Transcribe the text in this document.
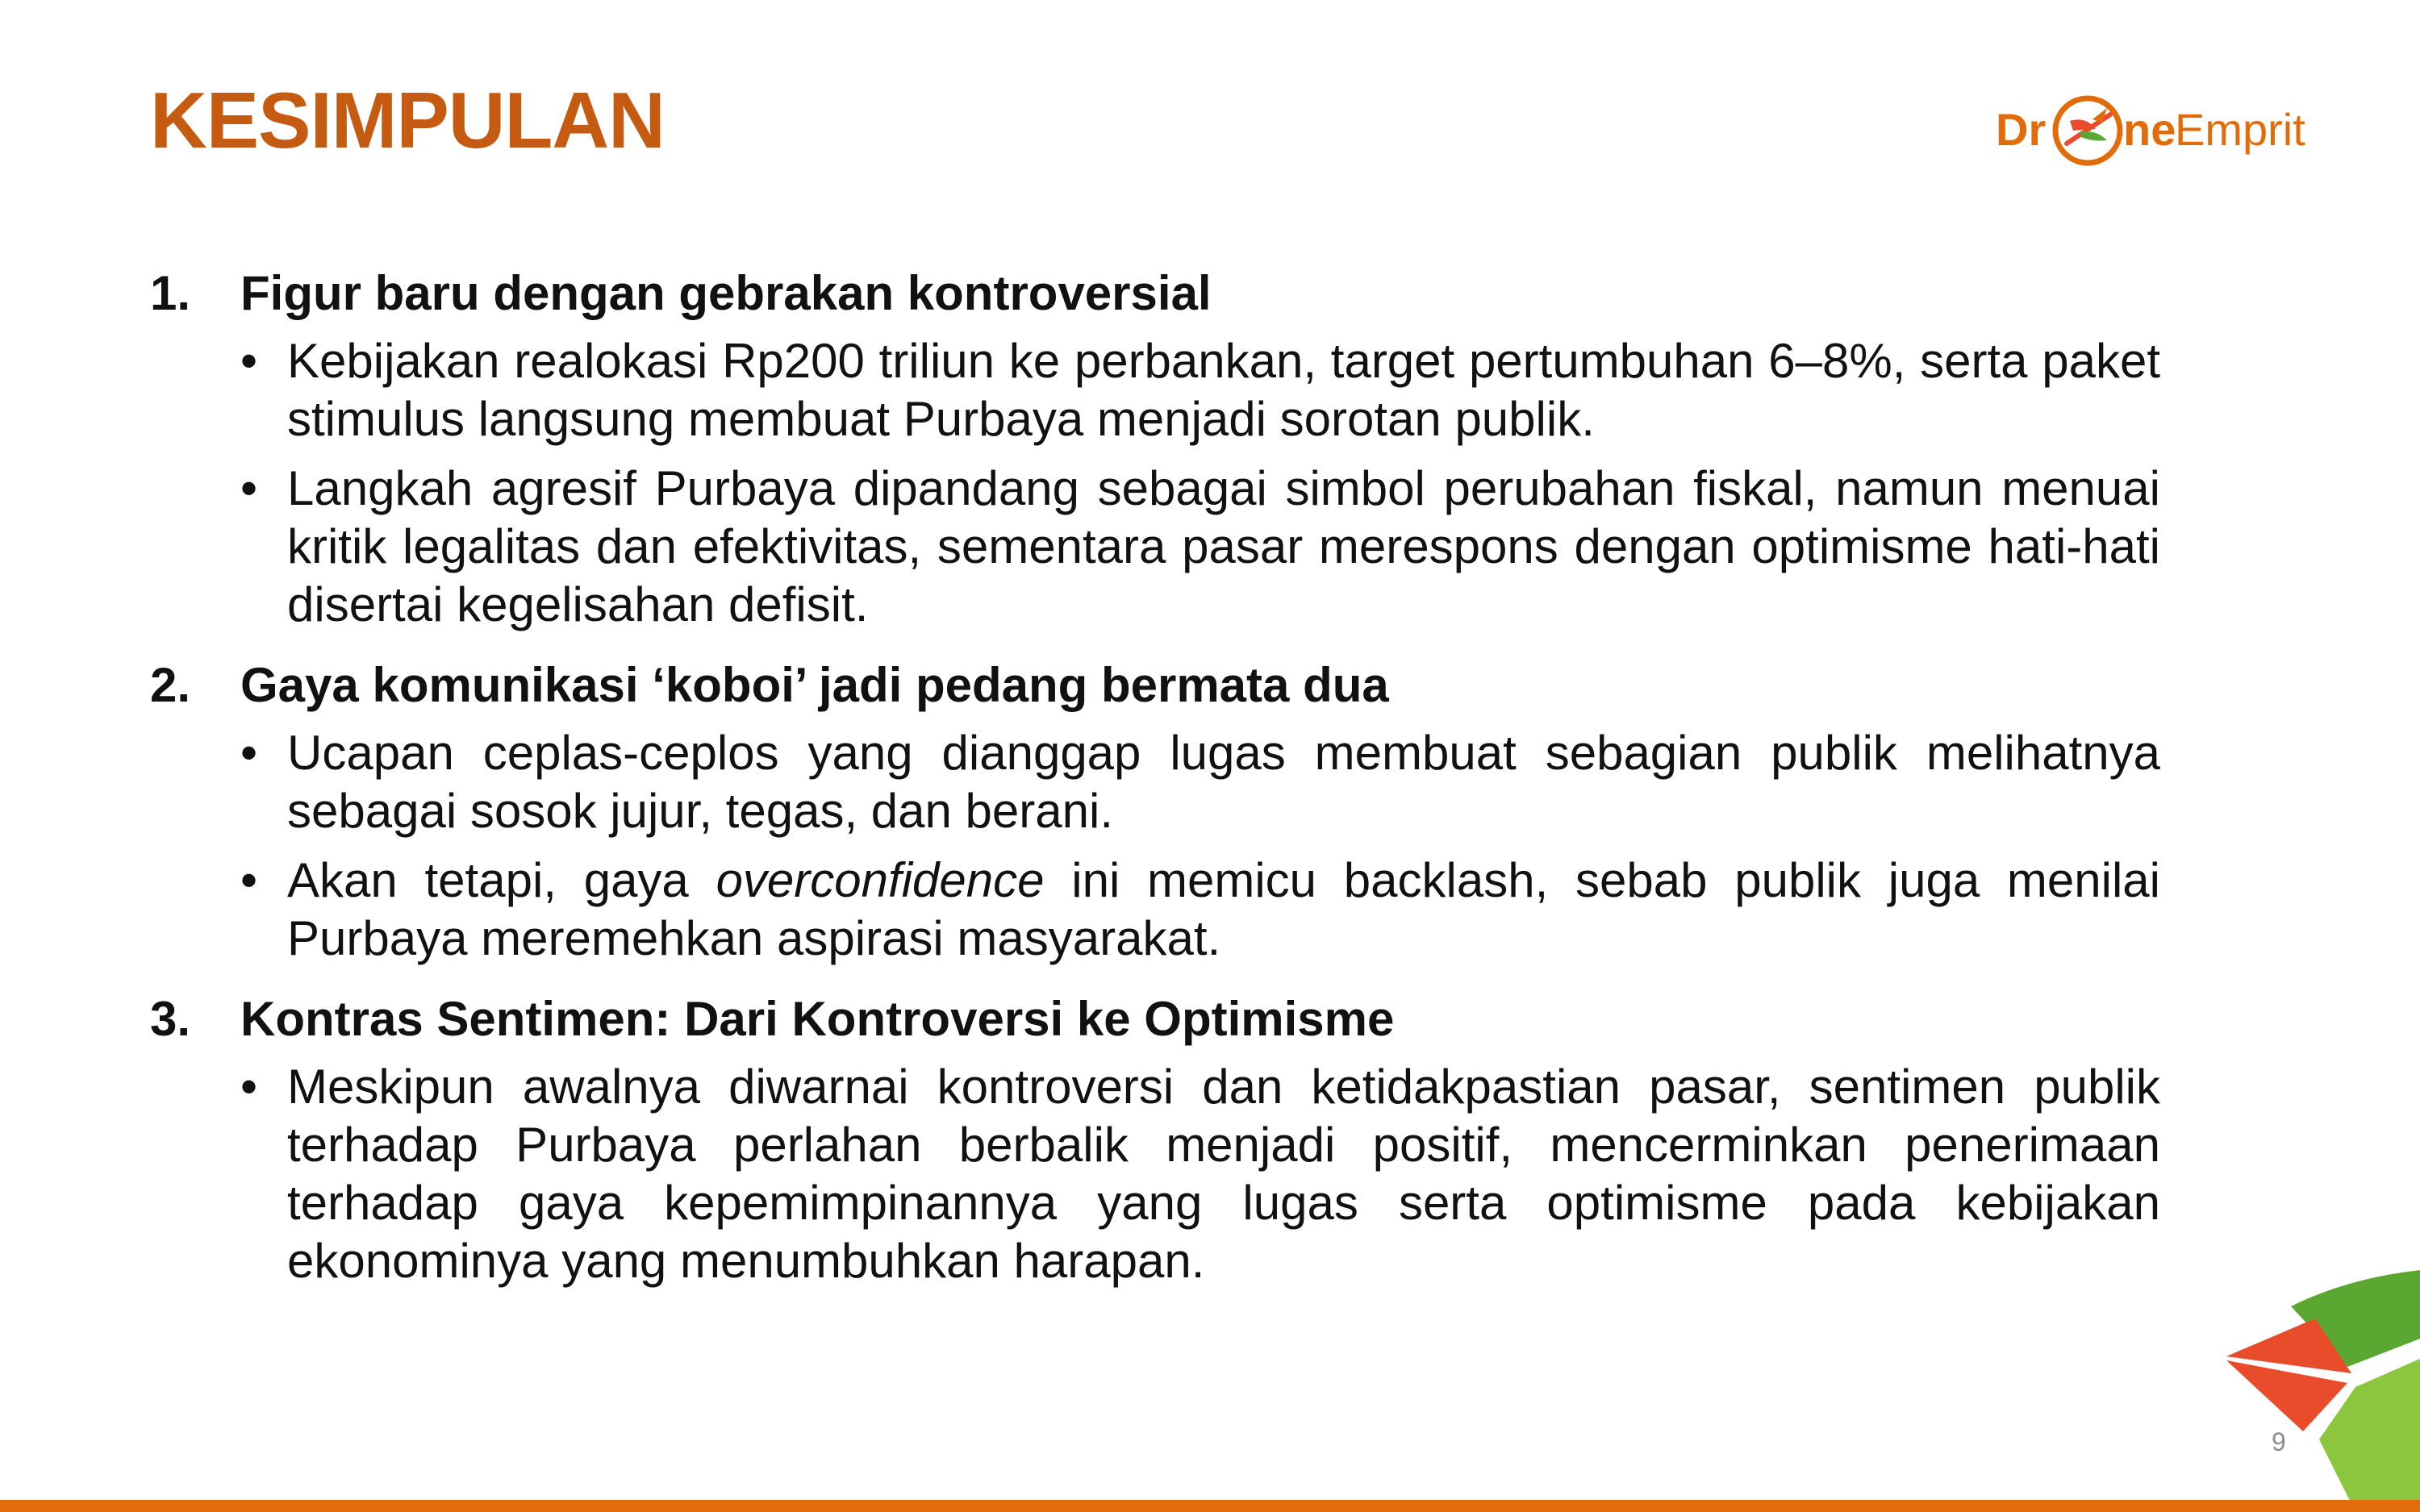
KESIMPULAN	Dr ne
Emprit
1. Figur baru dengan gebrakan kontroversial
• Kebijakan realokasi Rp200 triliun ke perbankan, target pertumbuhan 6–8%, serta paket stimulus langsung membuat Purbaya menjadi sorotan publik.
• Langkah agresif Purbaya dipandang sebagai simbol perubahan fiskal, namun menuai kritik legalitas dan efektivitas, sementara pasar merespons dengan optimisme hati-hati disertai kegelisahan defisit.
2. Gaya komunikasi ‘koboi’ jadi pedang bermata dua
• Ucapan ceplas-ceplos yang dianggap lugas membuat sebagian publik melihatnya sebagai sosok jujur, tegas, dan berani.
• Akan tetapi, gaya overconfidence ini memicu backlash, sebab publik juga menilai Purbaya meremehkan aspirasi masyarakat.
3. Kontras Sentimen: Dari Kontroversi ke Optimisme
• Meskipun awalnya diwarnai kontroversi dan ketidakpastian pasar, sentimen publik terhadap Purbaya perlahan berbalik menjadi positif, mencerminkan penerimaan terhadap gaya kepemimpinannya yang lugas serta optimisme pada kebijakan ekonominya yang menumbuhkan harapan.
9
